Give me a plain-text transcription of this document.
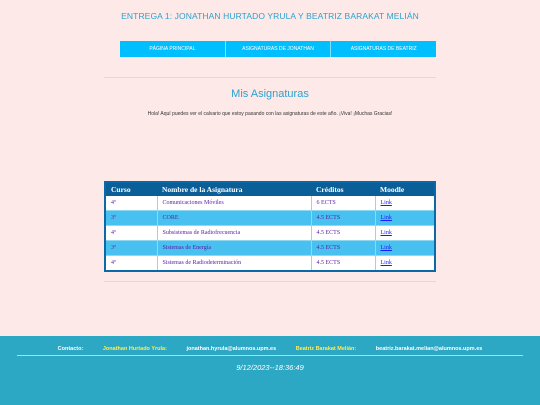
ENTREGA 1: JONATHAN HURTADO YRULA Y BEATRIZ BARAKAT MELIÁN
PÁGINA PRINCIPAL	ASIGNATURAS DE JONATHAN	ASIGNATURAS DE BEATRIZ
Mis Asignaturas

Hola! Aquí puedes ver el calvario que estoy pasando con las asignaturas de este año. ¡Viva! ¡Muchas Gracias!

Curso	Nombre de la Asignatura	Créditos	Moodle
4º	Comunicaciones Móviles	6 ECTS	Link
3º	CORE	4.5 ECTS	Link
4º	Subsistemas de Radiofrecuencia	4.5 ECTS	Link
3º	Sistemas de Energía	4.5 ECTS	Link
4º	Sistemas de Radiodeterminación	4.5 ECTS	Link
Contacto:	Jonathan Hurtado Yrula:	jonathan.hyrula@alumnos.upm.es	Beatriz Barakat Melián:	beatriz.barakat.melian@alumnos.upm.es
9/12/2023--18:36:49
